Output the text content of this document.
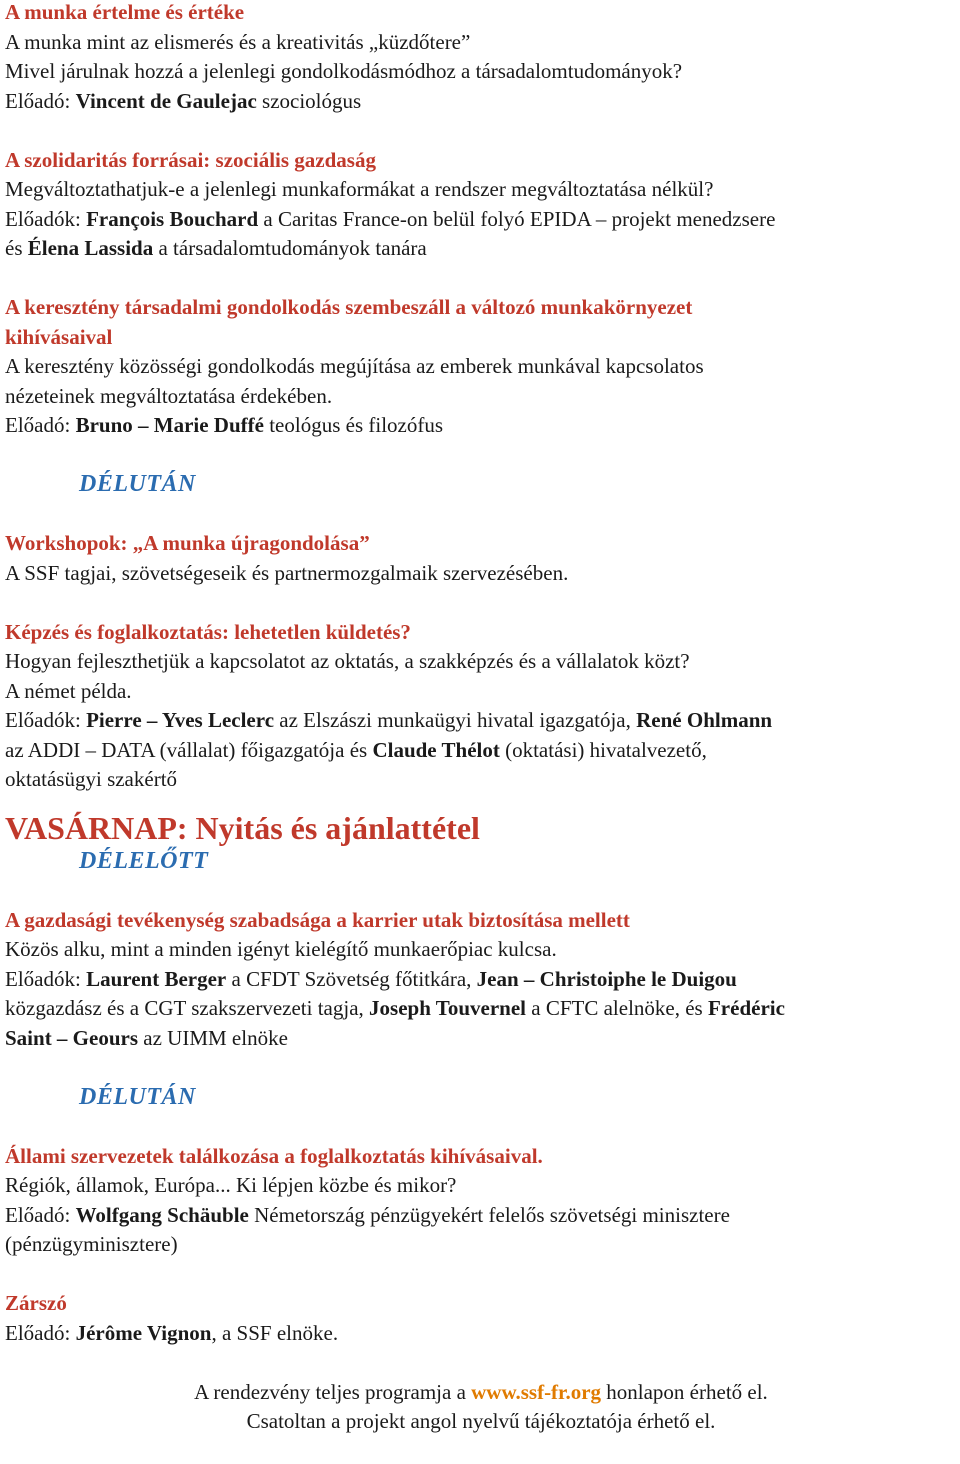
A munka értelme és értéke
A munka mint az elismerés és a kreativitás „küzdőtere”
Mivel járulnak hozzá a jelenlegi gondolkodásmódhoz a társadalomtudományok?
Előadó: Vincent de Gaulejac szociológus
A szolidaritás forrásai: szociális gazdaság
Megváltoztathatjuk-e a jelenlegi munkaformákat a rendszer megváltoztatása nélkül?
Előadók: François Bouchard a Caritas France-on belül folyó EPIDA – projekt menedzsere
és Élena Lassida a társadalomtudományok tanára
A keresztény társadalmi gondolkodás szembeszáll a változó munkakörnyezet
kihívásaival
A keresztény közösségi gondolkodás megújítása az emberek munkával kapcsolatos
nézeteinek megváltoztatása érdekében.
Előadó: Bruno – Marie Duffé teológus és filozófus
DÉLUTÁN
Workshopok: „A munka újragondolása”
A SSF tagjai, szövetségeseik és partnermozgalmaik szervezésében.
Képzés és foglalkoztatás: lehetetlen küldetés?
Hogyan fejleszthetjük a kapcsolatot az oktatás, a szakképzés és a vállalatok közt?
A német példa.
Előadók: Pierre – Yves Leclerc az Elszászi munkaügyi hivatal igazgatója, René Ohlmann
az ADDI – DATA (vállalat) főigazgatója és Claude Thélot (oktatási) hivatalvezető,
oktatásügyi szakértő
VASÁRNAP: Nyitás és ajánlattétel
DÉLELŐTT
A gazdasági tevékenység szabadsága a karrier utak biztosítása mellett
Közös alku, mint a minden igényt kielégítő munkaerőpiac kulcsa.
Előadók: Laurent Berger a CFDT Szövetség főtitkára, Jean – Christoiphe le Duigou
közgazdász és a CGT szakszervezeti tagja, Joseph Touvernel a CFTC alelnöke, és Frédéric
Saint – Geours az UIMM elnöke
DÉLUTÁN
Állami szervezetek találkozása a foglalkoztatás kihívásaival.
Régiók, államok, Európa... Ki lépjen közbe és mikor?
Előadó: Wolfgang Schäuble Németország pénzügyekért felelős szövetségi minisztere
(pénzügyminisztere)
Zárszó
Előadó: Jérôme Vignon, a SSF elnöke.
A rendezvény teljes programja a www.ssf-fr.org honlapon érhető el.
Csatoltan a projekt angol nyelvű tájékoztatója érhető el.
